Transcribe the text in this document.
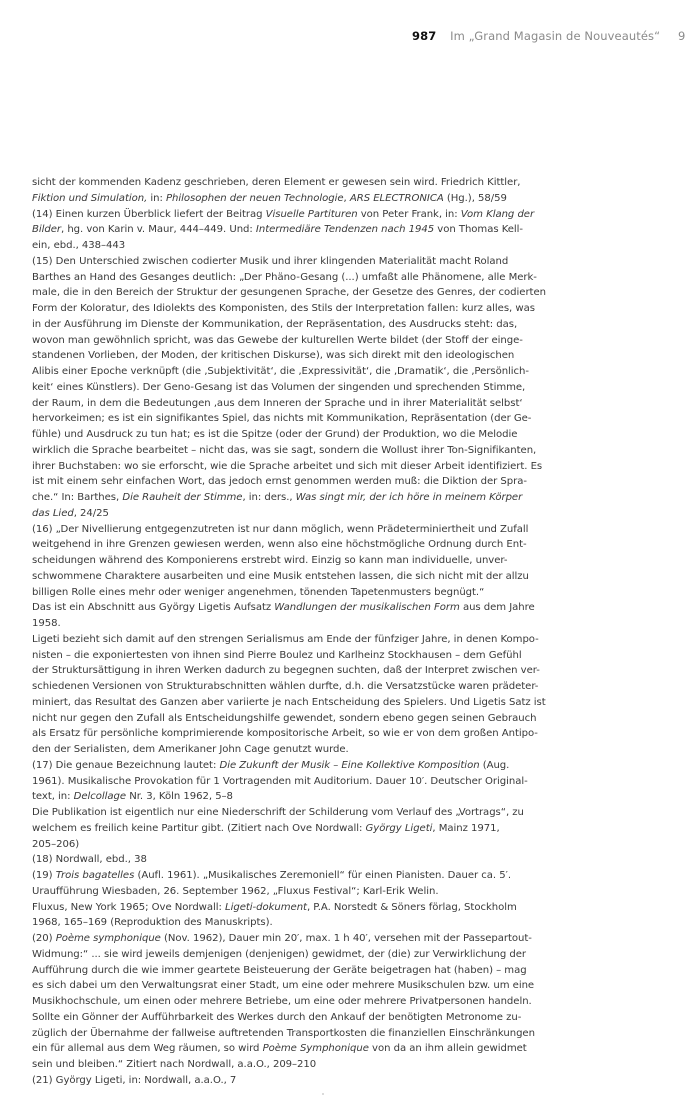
987 Im „Grand Magasin de Nouveautés“ 9
sicht der kommenden Kadenz geschrieben, deren Element er gewesen sein wird. Friedrich Kittler,
Fiktion und Simulation, in: Philosophen der neuen Technologie, ARS ELECTRONICA (Hg.), 58/59
(14) Einen kurzen Überblick liefert der Beitrag Visuelle Partituren von Peter Frank, in: Vom Klang der
Bilder, hg. von Karin v. Maur, 444–449. Und: Intermediäre Tendenzen nach 1945 von Thomas Kell-
ein, ebd., 438–443
(15) Den Unterschied zwischen codierter Musik und ihrer klingenden Materialität macht Roland
Barthes an Hand des Gesanges deutlich: „Der Phäno-Gesang (...) umfaßt alle Phänomene, alle Merk-
male, die in den Bereich der Struktur der gesungenen Sprache, der Gesetze des Genres, der codierten
Form der Koloratur, des Idiolekts des Komponisten, des Stils der Interpretation fallen: kurz alles, was
in der Ausführung im Dienste der Kommunikation, der Repräsentation, des Ausdrucks steht: das,
wovon man gewöhnlich spricht, was das Gewebe der kulturellen Werte bildet (der Stoff der einge-
standenen Vorlieben, der Moden, der kritischen Diskurse), was sich direkt mit den ideologischen
Alibis einer Epoche verknüpft (die ‚Subjektivität‘, die ‚Expressivität‘, die ‚Dramatik‘, die ‚Persönlich-
keit‘ eines Künstlers). Der Geno-Gesang ist das Volumen der singenden und sprechenden Stimme,
der Raum, in dem die Bedeutungen ‚aus dem Inneren der Sprache und in ihrer Materialität selbst‘
hervorkeimen; es ist ein signifikantes Spiel, das nichts mit Kommunikation, Repräsentation (der Ge-
fühle) und Ausdruck zu tun hat; es ist die Spitze (oder der Grund) der Produktion, wo die Melodie
wirklich die Sprache bearbeitet – nicht das, was sie sagt, sondern die Wollust ihrer Ton-Signifikanten,
ihrer Buchstaben: wo sie erforscht, wie die Sprache arbeitet und sich mit dieser Arbeit identifiziert. Es
ist mit einem sehr einfachen Wort, das jedoch ernst genommen werden muß: die Diktion der Spra-
che.“ In: Barthes, Die Rauheit der Stimme, in: ders., Was singt mir, der ich höre in meinem Körper
das Lied, 24/25
(16) „Der Nivellierung entgegenzutreten ist nur dann möglich, wenn Prädeterminiertheit und Zufall
weitgehend in ihre Grenzen gewiesen werden, wenn also eine höchstmögliche Ordnung durch Ent-
scheidungen während des Komponierens erstrebt wird. Einzig so kann man individuelle, unver-
schwommene Charaktere ausarbeiten und eine Musik entstehen lassen, die sich nicht mit der allzu
billigen Rolle eines mehr oder weniger angenehmen, tönenden Tapetenmusters begnügt.“
Das ist ein Abschnitt aus György Ligetis Aufsatz Wandlungen der musikalischen Form aus dem Jahre
1958.
Ligeti bezieht sich damit auf den strengen Serialismus am Ende der fünfziger Jahre, in denen Kompo-
nisten – die exponiertesten von ihnen sind Pierre Boulez und Karlheinz Stockhausen – dem Gefühl
der Struktursättigung in ihren Werken dadurch zu begegnen suchten, daß der Interpret zwischen ver-
schiedenen Versionen von Strukturabschnitten wählen durfte, d.h. die Versatzstücke waren prädeter-
miniert, das Resultat des Ganzen aber variierte je nach Entscheidung des Spielers. Und Ligetis Satz ist
nicht nur gegen den Zufall als Entscheidungshilfe gewendet, sondern ebeno gegen seinen Gebrauch
als Ersatz für persönliche komprimierende kompositorische Arbeit, so wie er von dem großen Antipo-
den der Serialisten, dem Amerikaner John Cage genutzt wurde.
(17) Die genaue Bezeichnung lautet: Die Zukunft der Musik – Eine Kollektive Komposition (Aug.
1961). Musikalische Provokation für 1 Vortragenden mit Auditorium. Dauer 10′. Deutscher Original-
text, in: Delcollage Nr. 3, Köln 1962, 5–8
Die Publikation ist eigentlich nur eine Niederschrift der Schilderung vom Verlauf des „Vortrags“, zu
welchem es freilich keine Partitur gibt. (Zitiert nach Ove Nordwall: György Ligeti, Mainz 1971,
205–206)
(18) Nordwall, ebd., 38
(19) Trois bagatelles (Aufl. 1961). „Musikalisches Zeremoniell“ für einen Pianisten. Dauer ca. 5′.
Uraufführung Wiesbaden, 26. September 1962, „Fluxus Festival“; Karl-Erik Welin.
Fluxus, New York 1965; Ove Nordwall: Ligeti-dokument, P.A. Norstedt & Söners förlag, Stockholm
1968, 165–169 (Reproduktion des Manuskripts).
(20) Poème symphonique (Nov. 1962), Dauer min 20′, max. 1 h 40′, versehen mit der Passepartout-
Widmung:“ ... sie wird jeweils demjenigen (denjenigen) gewidmet, der (die) zur Verwirklichung der
Aufführung durch die wie immer geartete Beisteuerung der Geräte beigetragen hat (haben) – mag
es sich dabei um den Verwaltungsrat einer Stadt, um eine oder mehrere Musikschulen bzw. um eine
Musikhochschule, um einen oder mehrere Betriebe, um eine oder mehrere Privatpersonen handeln.
Sollte ein Gönner der Aufführbarkeit des Werkes durch den Ankauf der benötigten Metronome zu-
züglich der Übernahme der fallweise auftretenden Transportkosten die finanziellen Einschränkungen
ein für allemal aus dem Weg räumen, so wird Poème Symphonique von da an ihm allein gewidmet
sein und bleiben.“ Zitiert nach Nordwall, a.a.O., 209–210
(21) György Ligeti, in: Nordwall, a.a.O., 7
